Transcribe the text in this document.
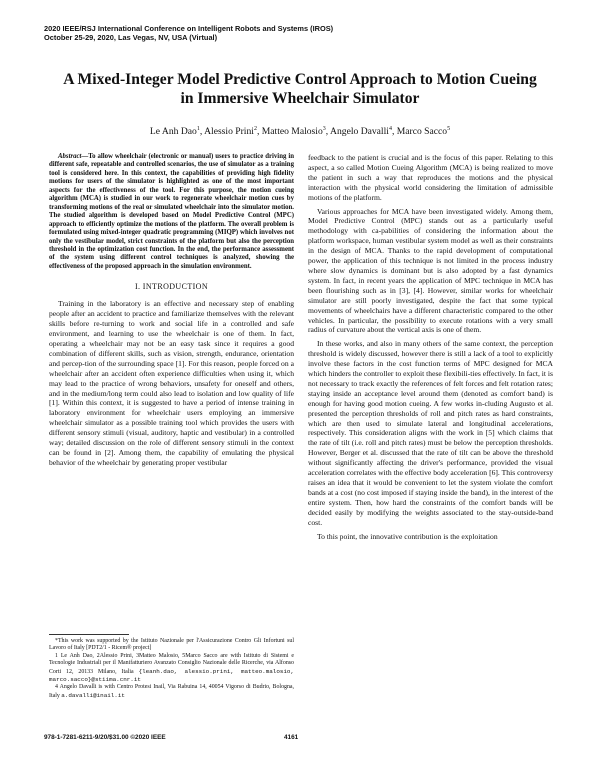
2020 IEEE/RSJ International Conference on Intelligent Robots and Systems (IROS)
October 25-29, 2020, Las Vegas, NV, USA (Virtual)
A Mixed-Integer Model Predictive Control Approach to Motion Cueing
in Immersive Wheelchair Simulator
Le Anh Dao$^1$, Alessio Prini$^2$, Matteo Malosio$^3$, Angelo Davalli$^4$, Marco Sacco$^5$

Abstract—To allow wheelchair (electronic or manual) users to practice driving in different safe, repeatable and controlled scenarios, the use of simulator as a training tool is considered here. In this context, the capabilities of providing high fidelity motions for users of the simulator is highlighted as one of the most important aspects for the effectiveness of the tool. For this purpose, the motion cueing algorithm (MCA) is studied in our work to regenerate wheelchair motion cues by transforming motions of the real or simulated wheelchair into the simulator motion. The studied algorithm is developed based on Model Predictive Control (MPC) approach to efficiently optimize the motions of the platform. The overall problem is formulated using mixed-integer quadratic programming (MIQP) which involves not only the vestibular model, strict constraints of the platform but also the perception threshold in the optimization cost function. In the end, the performance assessment of the system using different control techniques is analyzed, showing the effectiveness of the proposed approach in the simulation environment.

I. INTRODUCTION

Training in the laboratory is an effective and necessary step of enabling people after an accident to practice and familiarize themselves with the relevant skills before re-turning to work and social life in a controlled and safe environment, and learning to use the wheelchair is one of them. In fact, operating a wheelchair may not be an easy task since it requires a good combination of different skills, such as vision, strength, endurance, orientation and percep-tion of the surrounding space [1]. For this reason, people forced on a wheelchair after an accident often experience difficulties when using it, which may lead to the practice of wrong behaviors, unsafety for oneself and others, and in the medium/long term could also lead to isolation and low quality of life [1]. Within this context, it is suggested to have a period of intense training in laboratory environment for wheelchair users employing an immersive wheelchair simulator as a possible training tool which provides the users with different sensory stimuli (visual, auditory, haptic and vestibular) in a controlled way; detailed discussion on the role of different sensory stimuli in the context can be found in [2]. Among them, the capability of emulating the physical behavior of the wheelchair by generating proper vestibular

feedback to the patient is crucial and is the focus of this paper. Relating to this aspect, a so called Motion Cueing Algorithm (MCA) is being realized to move the patient in such a way that reproduces the motions and the physical interaction with the physical world considering the limitation of admissible motions of the platform.

Various approaches for MCA have been investigated widely. Among them, Model Predictive Control (MPC) stands out as a particularly useful methodology with ca-pabilities of considering the information about the platform workspace, human vestibular system model as well as their constraints in the design of MCA. Thanks to the rapid development of computational power, the application of this technique is not limited in the process industry where slow dynamics is dominant but is also adopted by a fast dynamics system. In fact, in recent years the application of MPC technique in MCA has been flourishing such as in [3], [4]. However, similar works for wheelchair simulator are still poorly investigated, despite the fact that some typical movements of wheelchairs have a different characteristic compared to the other vehicles. In particular, the possibility to execute rotations with a very small radius of curvature about the vertical axis is one of them.

In these works, and also in many others of the same context, the perception threshold is widely discussed, however there is still a lack of a tool to explicitly involve these factors in the cost function terms of MPC designed for MCA which hinders the controller to exploit these flexibili-ties effectively. In fact, it is not necessary to track exactly the references of felt forces and felt rotation rates; staying inside an acceptance level around them (denoted as comfort band) is enough for having good motion cueing. A few works in-cluding Augusto et al. presented the perception thresholds of roll and pitch rates as hard constraints, which are then used to simulate lateral and longitudinal accelerations, respectively. This consideration aligns with the work in [5] which claims that the rate of tilt (i.e. roll and pitch rates) must be below the perception thresholds. However, Berger et al. discussed that the rate of tilt can be above the threshold without significantly affecting the driver's performance, provided the visual acceleration correlates with the effective body acceleration [6]. This controversy raises an idea that it would be convenient to let the system violate the comfort bands at a cost (no cost imposed if staying inside the band), in the interest of the entire system. Then, how hard the constraints of the comfort bands will be decided easily by modifying the weights associated to the stay-outside-band cost.

To this point, the innovative contribution is the exploitation

*This work was supported by the Istituto Nazionale per l'Assicurazione Contro Gli Infortuni sul Lavoro of Italy [PDT2/1 - Ricem® project]

1 Le Anh Dao, 2Alessio Prini, 3Matteo Malosio, 5Marco Sacco are with Istituto di Sistemi e Tecnologie Industriali per il Manifatturiero Avanzato Consiglio Nazionale delle Ricerche, via Alfonso Corti 12, 20133 Milano, Italia {leanh.dao, alessio.prini, matteo.malosio, marco.sacco}@stiima.cnr.it

4 Angelo Davalli is with Centro Protesi Inail, Via Rabuina 14, 40054 Vigorso di Budrio, Bologna, Italy a.davalli@inail.it

978-1-7281-6211-9/20/$31.00 ©2020 IEEE	4161
